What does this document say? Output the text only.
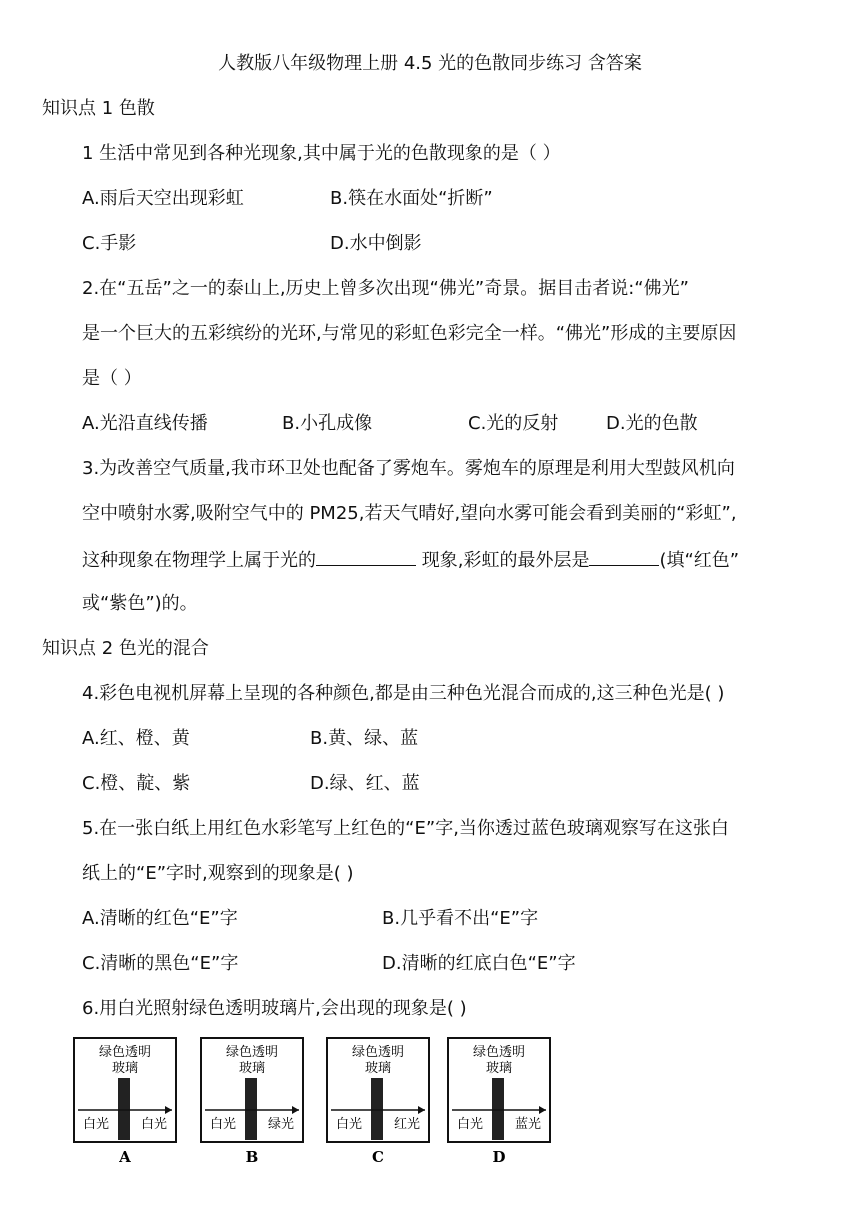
人教版八年级物理上册 4.5 光的色散同步练习 含答案
知识点 1 色散
1 生活中常见到各种光现象,其中属于光的色散现象的是（ ）
A.雨后天空出现彩虹	B.筷在水面处“折断”
C.手影	D.水中倒影
2.在“五岳”之一的泰山上,历史上曾多次出现“佛光”奇景。据目击者说:“佛光”
是一个巨大的五彩缤纷的光环,与常见的彩虹色彩完全一样。“佛光”形成的主要原因
是（ ）
A.光沿直线传播	B.小孔成像	C.光的反射	D.光的色散
3.为改善空气质量,我市环卫处也配备了雾炮车。雾炮车的原理是利用大型鼓风机向
空中喷射水雾,吸附空气中的 PM25,若天气晴好,望向水雾可能会看到美丽的“彩虹”,
这种现象在物理学上属于光的	现象,彩虹的最外层是	(填“红色”
或“紫色”)的。
知识点 2 色光的混合
4.彩色电视机屏幕上呈现的各种颜色,都是由三种色光混合而成的,这三种色光是( )
A.红、橙、黄	B.黄、绿、蓝
C.橙、靛、紫	D.绿、红、蓝
5.在一张白纸上用红色水彩笔写上红色的“E”字,当你透过蓝色玻璃观察写在这张白
纸上的“E”字时,观察到的现象是( )
A.清晰的红色“E”字	B.几乎看不出“E”字
C.清晰的黑色“E”字	D.清晰的红底白色“E”字
6.用白光照射绿色透明玻璃片,会出现的现象是( )
绿色透明
玻璃
白光 白光
A
绿色透明
玻璃
白光 绿光
B
绿色透明
玻璃
白光 红光
C
绿色透明
玻璃
白光 蓝光
D
